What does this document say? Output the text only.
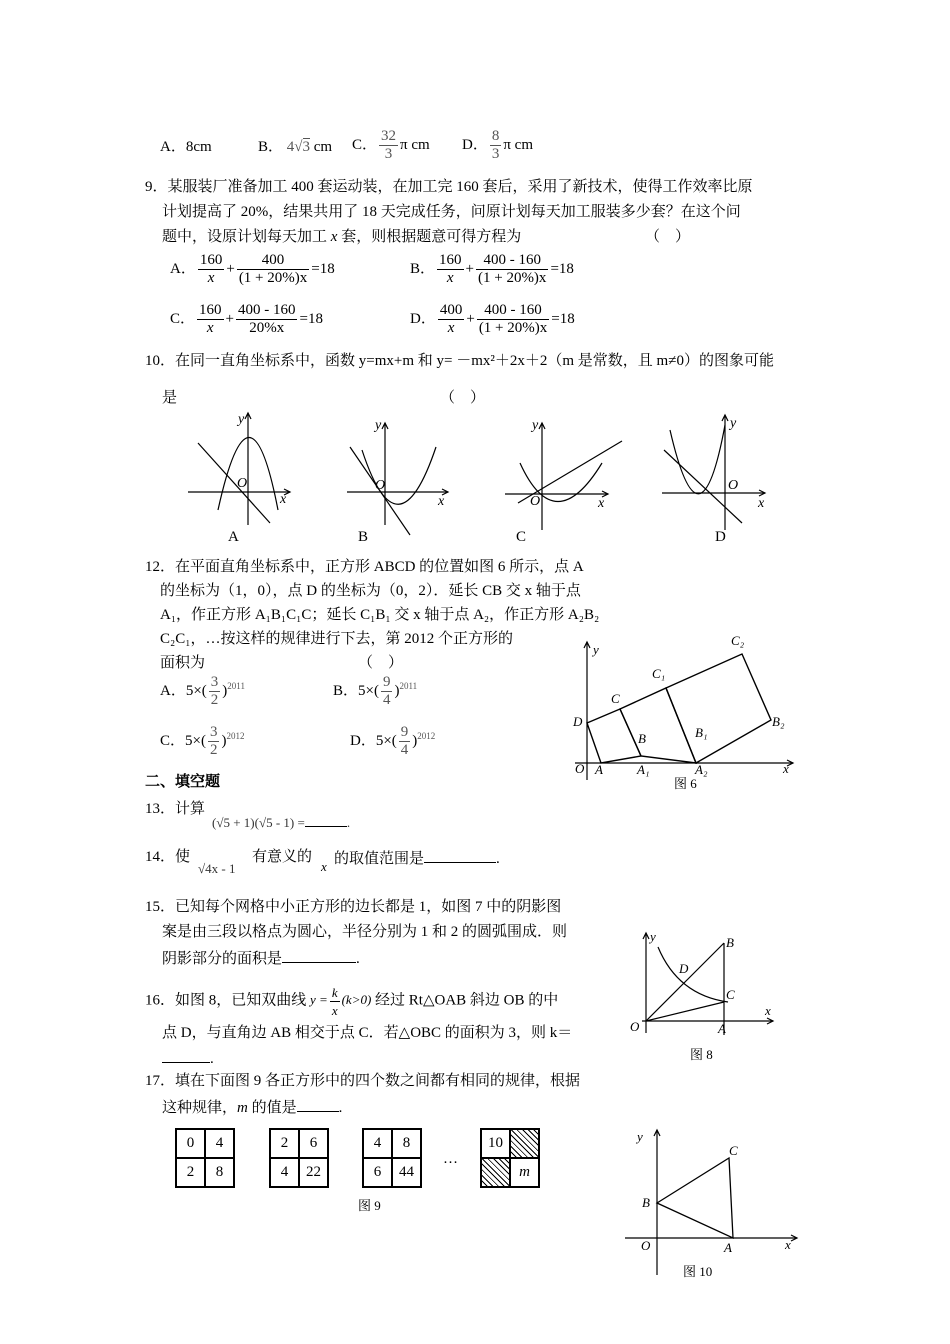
A．8cm	B． 4√3 cm C． $\frac{32}{3}$ π cm D． $\frac{8}{3}$ π cm
9．某服装厂准备加工 400 套运动装，在加工完 160 套后，采用了新技术，使得工作效率比原
计划提高了 20%，结果共用了 18 天完成任务，问原计划每天加工服装多少套？在这个问
题中，设原计划每天加工 x 套，则根据题意可得方程为	（　）
A． $\frac{160}{x} + \frac{400}{(1 + 20\%)x} =18$	B． $\frac{160}{x} + \frac{400 - 160}{(1 + 20\%)x} =18$
C． $\frac{160}{x} + \frac{400 - 160}{20\%x} =18$	D． $\frac{400}{x} + \frac{400 - 160}{(1 + 20\%)x} =18$
10．在同一直角坐标系中，函数 y=mx+m 和 y= －mx²＋2x＋2（m 是常数，且 m≠0）的图象可能
是	（　）
y
x
O
y
x
O
y
x
O
y
x
O
A	B	C	D
12．在平面直角坐标系中，正方形 ABCD 的位置如图 6 所示，点 A
的坐标为（1，0），点 D 的坐标为（0，2）．延长 CB 交 x 轴于点
A₁，作正方形 A₁B₁C₁C；延长 C₁B₁ 交 x 轴于点 A₂，作正方形 A₂B₂
C₂C₁，…按这样的规律进行下去，第 2012 个正方形的
面积为	（　）
A．$5\times( \frac{3}{2} )^{2011}$	B．$5\times( \frac{9}{4} )^{2011}$
C．$5\times( \frac{3}{2} )^{2012}$	D．$5\times( \frac{9}{4} )^{2012}$
O A	A₁	A₂
B	B₁
B₂
C
C₁
C₂
D
x
y
图 6
二、填空题
13．计算
(√5 + 1)(√5 - 1) =	.
14．使
√4x - 1
有意义的
x 的取值范围是	.
15．已知每个网格中小正方形的边长都是 1，如图 7 中的阴影图
案是由三段以格点为圆心，半径分别为 1 和 2 的圆弧围成．则
阴影部分的面积是	.
16．如图 8，已知双曲线 $y = \frac{k}{x} (k>0)$ 经过 Rt△OAB 斜边 OB 的中
点 D，与直角边 AB 相交于点 C．若△OBC 的面积为 3，则 k＝
.
O	A
B
C
D
x
y
图 8
17．填在下面图 9 各正方形中的四个数之间都有相同的规律，根据
这种规律，m 的值是	.
0	4
2	8
2	6
4	22
4	8
6	44
…
10
m
图 9
O	A
B
C
x
y
图 10
